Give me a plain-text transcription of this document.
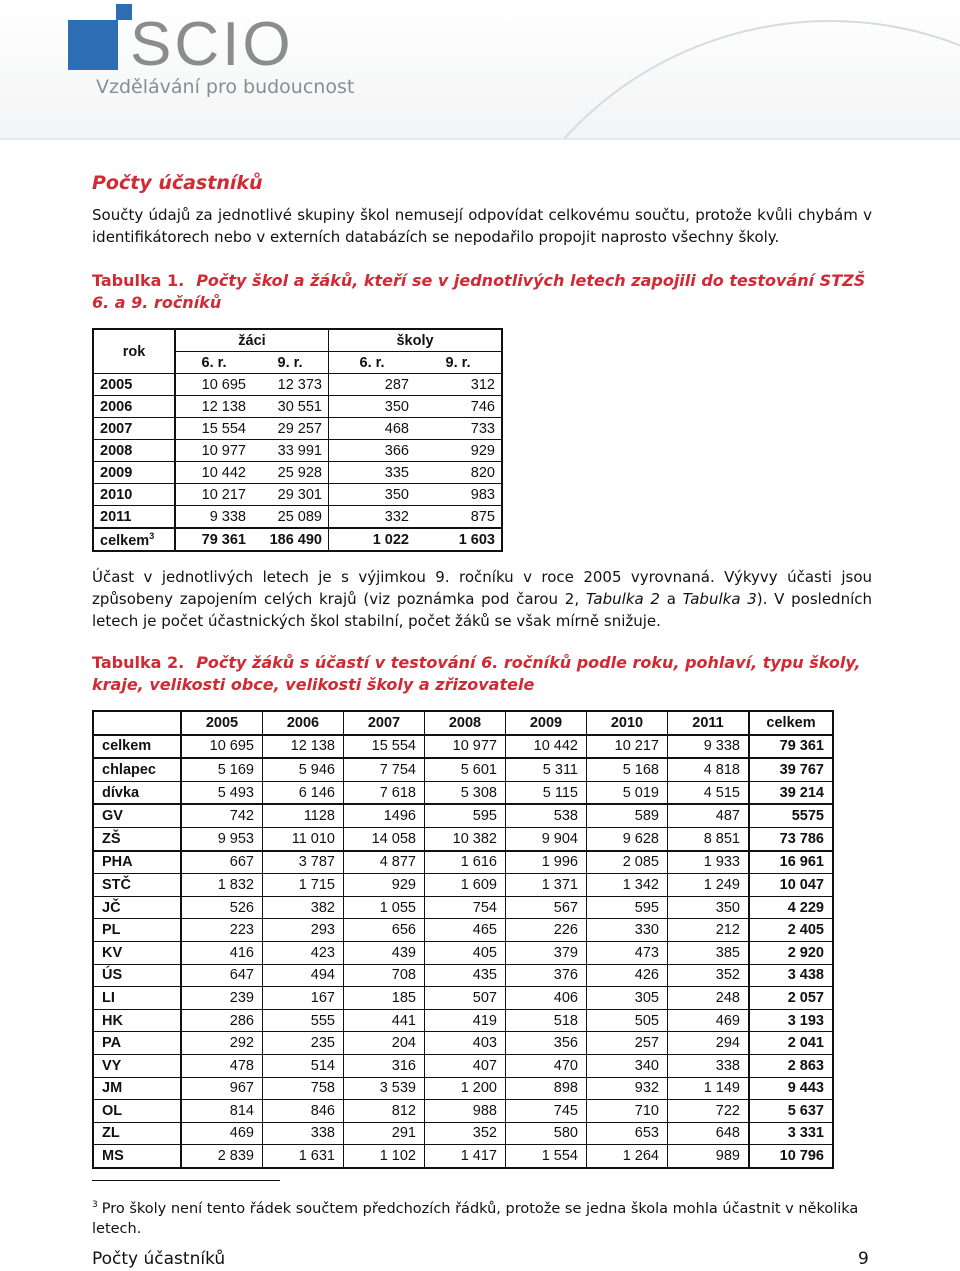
SCIO
Vzdělávání pro budoucnost
Počty účastníků

Součty údajů za jednotlivé skupiny škol nemusejí odpovídat celkovému součtu, protože kvůli chybám v identifikátorech nebo v externích databázích se nepodařilo propojit naprosto všechny školy.

Tabulka 1. Počty škol a žáků, kteří se v jednotlivých letech zapojili do testování STZŠ 6. a 9. ročníků
rok	žáci		školy	
	6. r.	9. r.	6. r.	9. r.
2005	10 695	12 373	287	312
2006	12 138	30 551	350	746
2007	15 554	29 257	468	733
2008	10 977	33 991	366	929
2009	10 442	25 928	335	820
2010	10 217	29 301	350	983
2011	9 338	25 089	332	875
celkem$^3$	79 361	186 490	1 022	1 603

Účast v jednotlivých letech je s výjimkou 9. ročníku v roce 2005 vyrovnaná. Výkyvy účasti jsou způsobeny zapojením celých krajů (viz poznámka pod čarou 2, Tabulka 2 a Tabulka 3). V posledních letech je počet účastnických škol stabilní, počet žáků se však mírně snižuje.

Tabulka 2. Počty žáků s účastí v testování 6. ročníků podle roku, pohlaví, typu školy, kraje, velikosti obce, velikosti školy a zřizovatele
	2005	2006	2007	2008	2009	2010	2011	celkem
celkem	10 695	12 138	15 554	10 977	10 442	10 217	9 338	79 361
chlapec	5 169	5 946	7 754	5 601	5 311	5 168	4 818	39 767
dívka	5 493	6 146	7 618	5 308	5 115	5 019	4 515	39 214
GV	742	1128	1496	595	538	589	487	5575
ZŠ	9 953	11 010	14 058	10 382	9 904	9 628	8 851	73 786
PHA	667	3 787	4 877	1 616	1 996	2 085	1 933	16 961
STČ	1 832	1 715	929	1 609	1 371	1 342	1 249	10 047
JČ	526	382	1 055	754	567	595	350	4 229
PL	223	293	656	465	226	330	212	2 405
KV	416	423	439	405	379	473	385	2 920
ÚS	647	494	708	435	376	426	352	3 438
LI	239	167	185	507	406	305	248	2 057
HK	286	555	441	419	518	505	469	3 193
PA	292	235	204	403	356	257	294	2 041
VY	478	514	316	407	470	340	338	2 863
JM	967	758	3 539	1 200	898	932	1 149	9 443
OL	814	846	812	988	745	710	722	5 637
ZL	469	338	291	352	580	653	648	3 331
MS	2 839	1 631	1 102	1 417	1 554	1 264	989	10 796
$^3$ Pro školy není tento řádek součtem předchozích řádků, protože se jedna škola mohla účastnit v několika letech.
Počty účastníků	9
